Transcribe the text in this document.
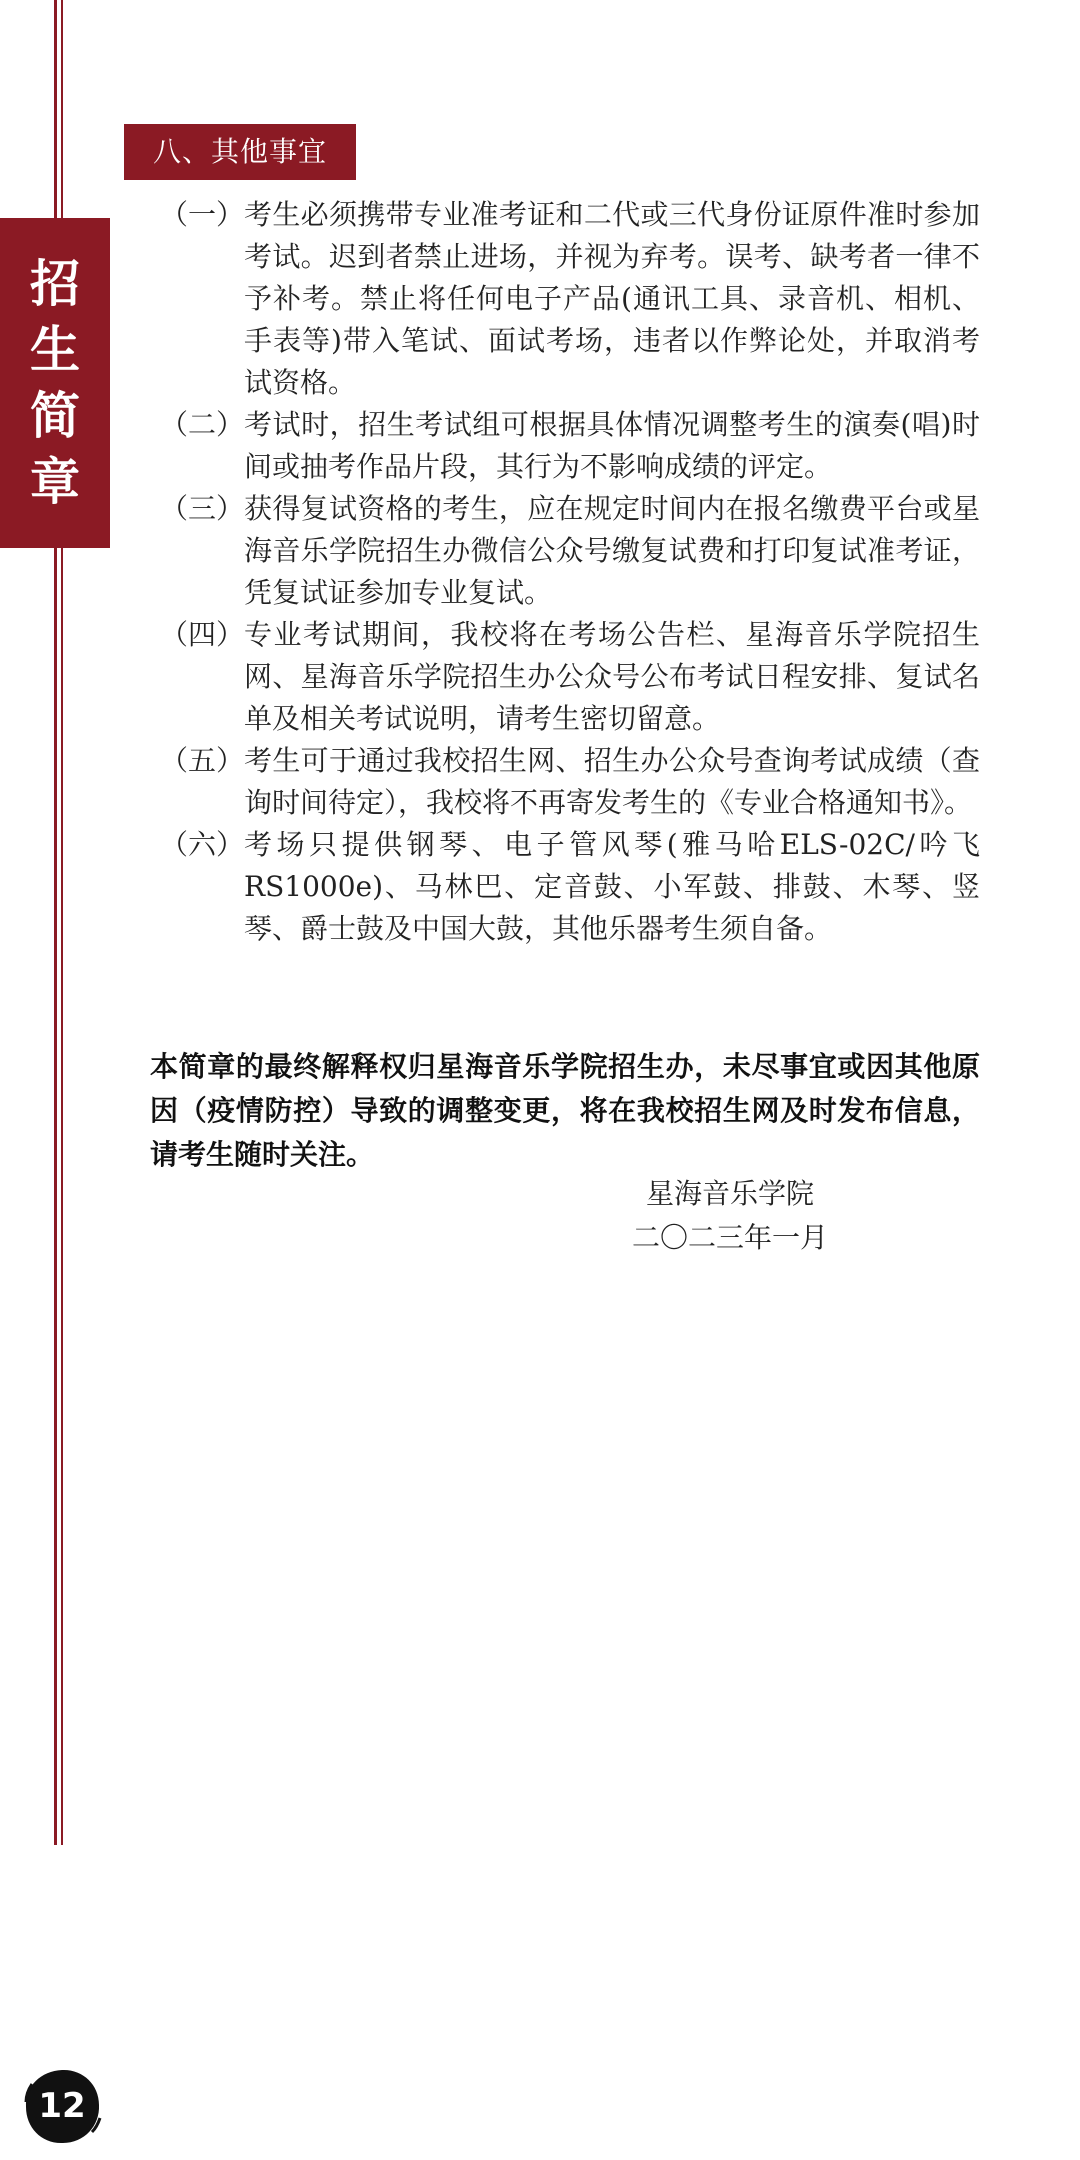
招
生
简
章
八、其他事宜
（一） 考生必须携带专业准考证和二代或三代身份证原件准时参加考试。迟到者禁止进场，并视为弃考。误考、缺考者一律不予补考。禁止将任何电子产品(通讯工具、录音机、相机、手表等)带入笔试、面试考场，违者以作弊论处，并取消考试资格。
（二） 考试时，招生考试组可根据具体情况调整考生的演奏(唱)时间或抽考作品片段，其行为不影响成绩的评定。
（三） 获得复试资格的考生，应在规定时间内在报名缴费平台或星海音乐学院招生办微信公众号缴复试费和打印复试准考证，凭复试证参加专业复试。
（四） 专业考试期间，我校将在考场公告栏、星海音乐学院招生网、星海音乐学院招生办公众号公布考试日程安排、复试名单及相关考试说明，请考生密切留意。
（五） 考生可于通过我校招生网、招生办公众号查询考试成绩（查询时间待定），我校将不再寄发考生的《专业合格通知书》。
（六） 考场只提供钢琴、电子管风琴(雅马哈ELS-02C/吟飞RS1000e)、马林巴、定音鼓、小军鼓、排鼓、木琴、竖琴、爵士鼓及中国大鼓，其他乐器考生须自备。
本简章的最终解释权归星海音乐学院招生办，未尽事宜或因其他原因（疫情防控）导致的调整变更，将在我校招生网及时发布信息，请考生随时关注。
星海音乐学院
二〇二三年一月
12
